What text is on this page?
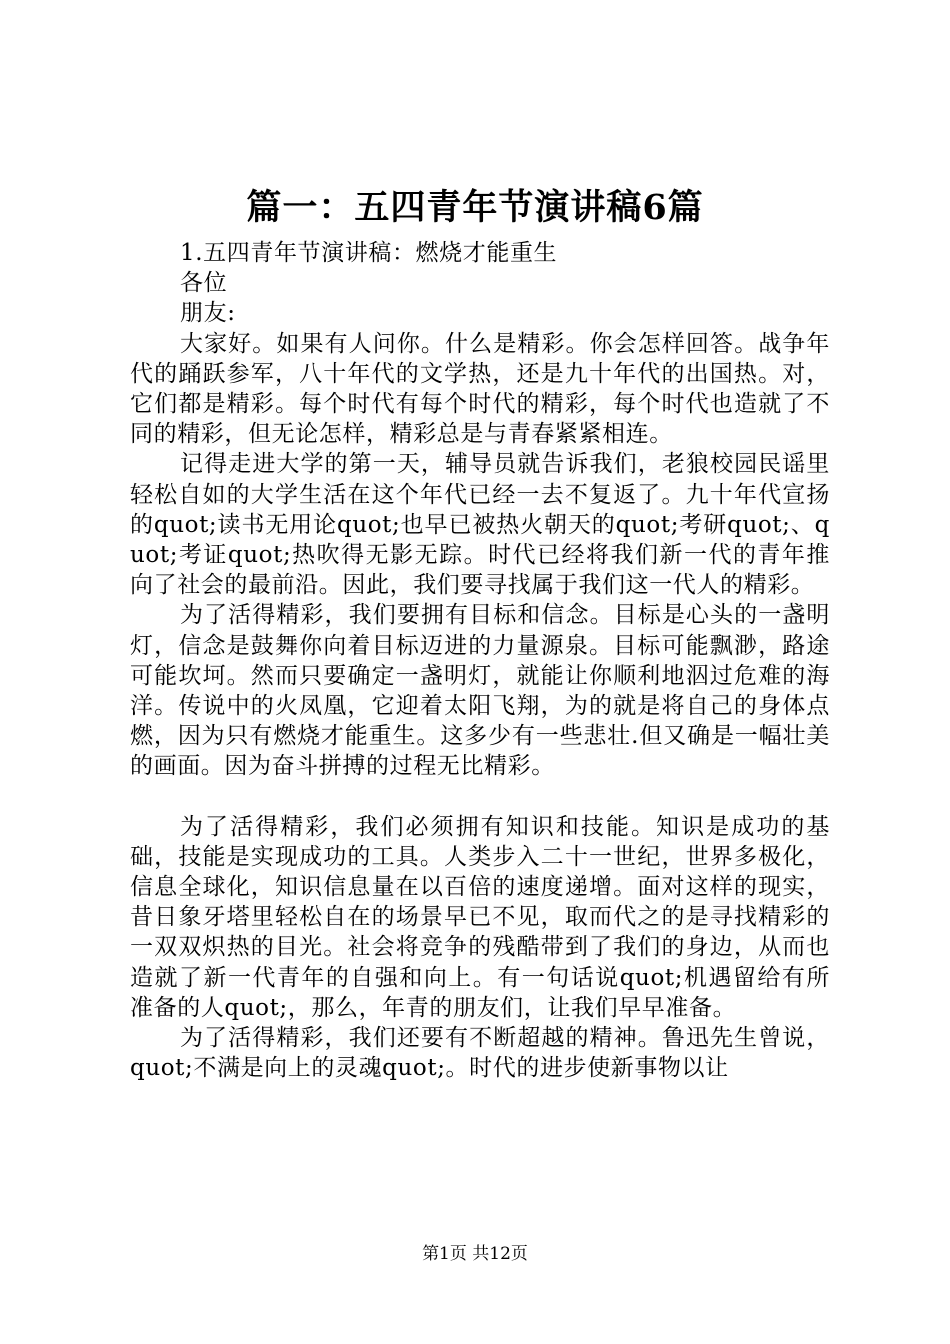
篇一：五四青年节演讲稿6篇
1.五四青年节演讲稿：燃烧才能重生
各位
朋友:

大家好。如果有人问你。什么是精彩。你会怎样回答。战争年代的踊跃参军，八十年代的文学热，还是九十年代的出国热。对，它们都是精彩。每个时代有每个时代的精彩，每个时代也造就了不同的精彩，但无论怎样，精彩总是与青春紧紧相连。

记得走进大学的第一天，辅导员就告诉我们，老狼校园民谣里轻松自如的大学生活在这个年代已经一去不复返了。九十年代宣扬的quot;读书无用论quot;也早已被热火朝天的quot;考研quot;、quot;考证quot;热吹得无影无踪。时代已经将我们新一代的青年推向了社会的最前沿。因此，我们要寻找属于我们这一代人的精彩。

为了活得精彩，我们要拥有目标和信念。目标是心头的一盏明灯，信念是鼓舞你向着目标迈进的力量源泉。目标可能飘渺，路途可能坎坷。然而只要确定一盏明灯，就能让你顺利地泅过危难的海洋。传说中的火凤凰，它迎着太阳飞翔，为的就是将自己的身体点燃，因为只有燃烧才能重生。这多少有一些悲壮.但又确是一幅壮美的画面。因为奋斗拼搏的过程无比精彩。

为了活得精彩，我们必须拥有知识和技能。知识是成功的基础，技能是实现成功的工具。人类步入二十一世纪，世界多极化，信息全球化，知识信息量在以百倍的速度递增。面对这样的现实，昔日象牙塔里轻松自在的场景早已不见，取而代之的是寻找精彩的一双双炽热的目光。社会将竞争的残酷带到了我们的身边，从而也造就了新一代青年的自强和向上。有一句话说quot;机遇留给有所准备的人quot;，那么，年青的朋友们，让我们早早准备。

为了活得精彩，我们还要有不断超越的精神。鲁迅先生曾说，quot;不满是向上的灵魂quot;。时代的进步使新事物以让

第1页 共12页
